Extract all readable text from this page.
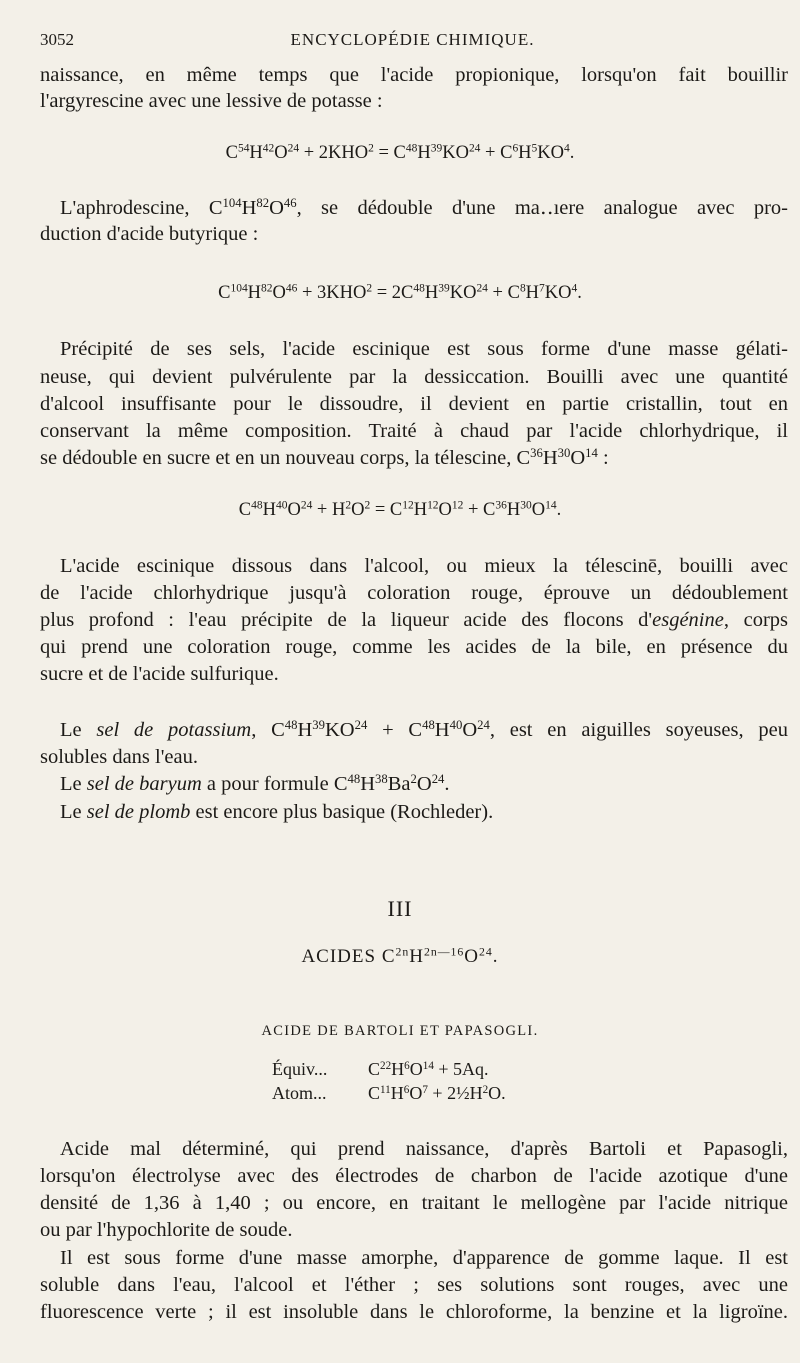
3052	ENCYCLOPÉDIE CHIMIQUE.
naissance, en même temps que l'acide propionique, lorsqu'on fait bouillir
l'argyrescine avec une lessive de potasse :
$C^{54}H^{42}O^{24} + 2KHO^2 = C^{48}H^{39}KO^{24} + C^6H^5KO^4$.
L'aphrodescine, $C^{104}H^{82}O^{46}$, se dédouble d'une ma․․ıere analogue avec pro-
duction d'acide butyrique :
$C^{104}H^{82}O^{46} + 3KHO^2 = 2C^{48}H^{39}KO^{24} + C^8H^7KO^4$.
Précipité de ses sels, l'acide escinique est sous forme d'une masse gélati-
neuse, qui devient pulvérulente par la dessiccation. Bouilli avec une quantité
d'alcool insuffisante pour le dissoudre, il devient en partie cristallin, tout en
conservant la même composition. Traité à chaud par l'acide chlorhydrique, il
se dédouble en sucre et en un nouveau corps, la télescine, $C^{36}H^{30}O^{14}$ :
$C^{48}H^{40}O^{24} + H^2O^2 = C^{12}H^{12}O^{12} + C^{36}H^{30}O^{14}$.
L'acide escinique dissous dans l'alcool, ou mieux la télescinē, bouilli avec
de l'acide chlorhydrique jusqu'à coloration rouge, éprouve un dédoublement
plus profond : l'eau précipite de la liqueur acide des flocons d'esgénine, corps
qui prend une coloration rouge, comme les acides de la bile, en présence du
sucre et de l'acide sulfurique.
Le sel de potassium, $C^{48}H^{39}KO^{24} + C^{48}H^{40}O^{24}$, est en aiguilles soyeuses, peu
solubles dans l'eau.
Le sel de baryum a pour formule $C^{48}H^{38}Ba^2O^{24}$.
Le sel de plomb est encore plus basique (Rochleder).
III
ACIDES $C^{2n}H^{2n—16}O^{24}$.
ACIDE DE BARTOLI ET PAPASOGLI.
Équiv... $C^{22}H^6O^{14} + 5Aq$.
Atom... $C^{11}H^6O^7$ + $2\frac{1}{2}H^2O$.
Acide mal déterminé, qui prend naissance, d'après Bartoli et Papasogli,
lorsqu'on électrolyse avec des électrodes de charbon de l'acide azotique d'une
densité de 1,36 à 1,40 ; ou encore, en traitant le mellogène par l'acide nitrique
ou par l'hypochlorite de soude.
Il est sous forme d'une masse amorphe, d'apparence de gomme laque. Il est
soluble dans l'eau, l'alcool et l'éther ; ses solutions sont rouges, avec une
fluorescence verte ; il est insoluble dans le chloroforme, la benzine et la ligroïne.
